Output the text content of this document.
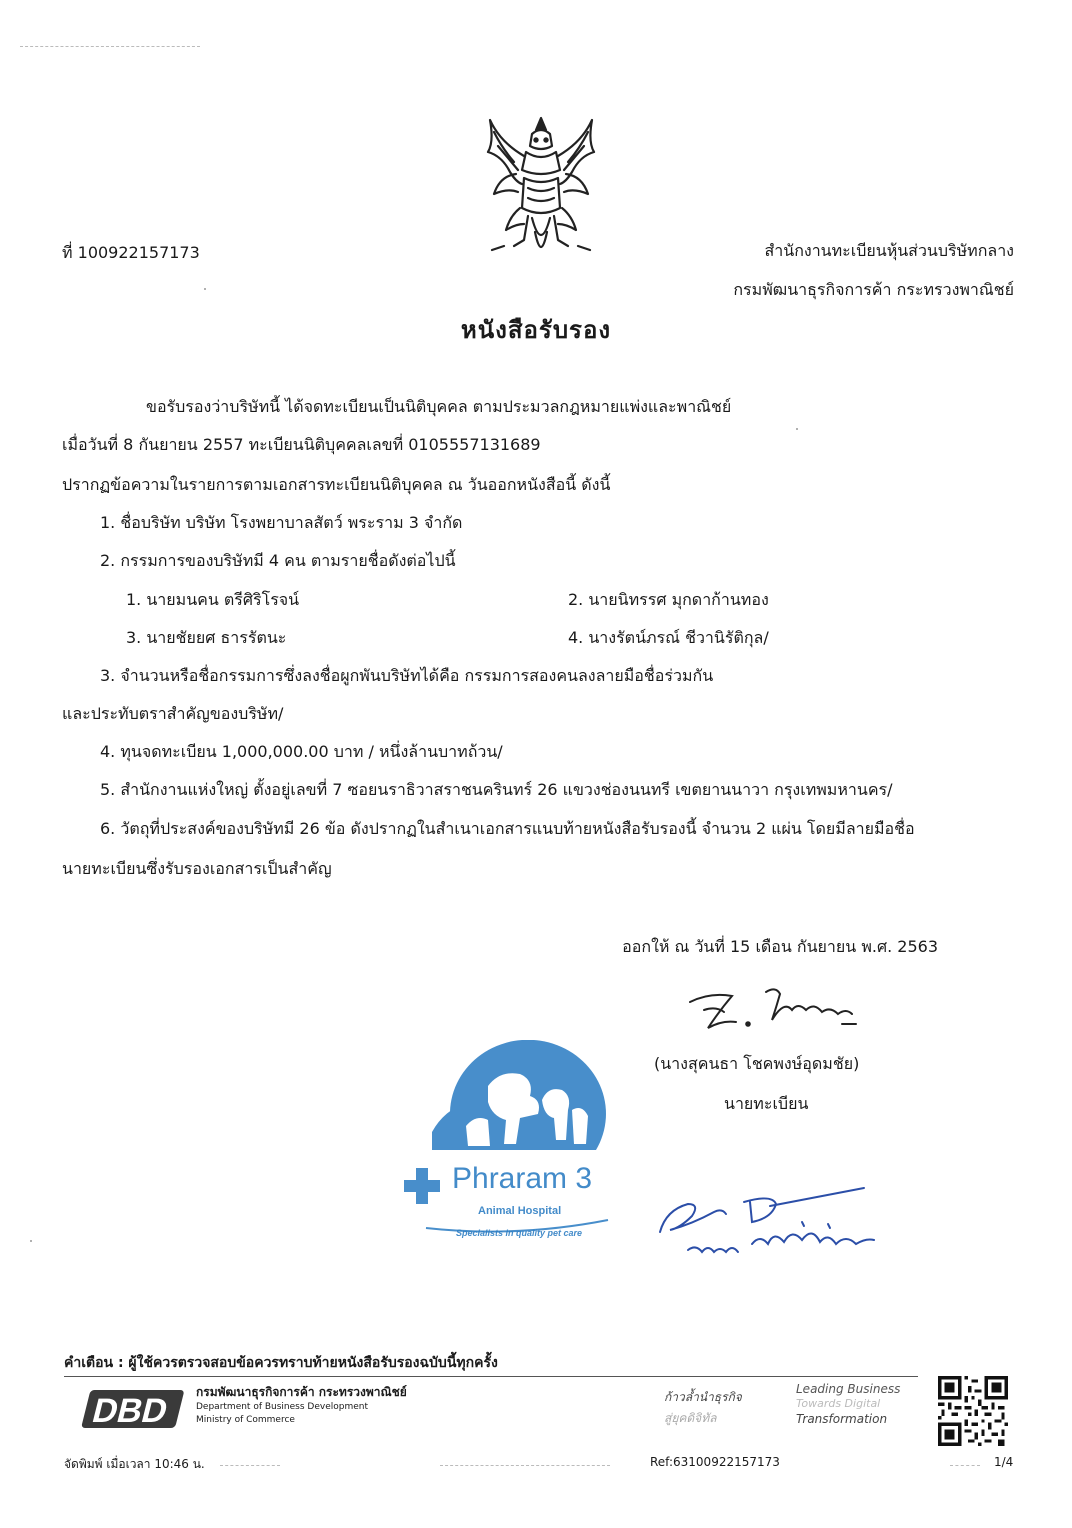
ที่ 100922157173	สำนักงานทะเบียนหุ้นส่วนบริษัทกลาง
กรมพัฒนาธุรกิจการค้า กระทรวงพาณิชย์
หนังสือรับรอง
ขอรับรองว่าบริษัทนี้ ได้จดทะเบียนเป็นนิติบุคคล ตามประมวลกฎหมายแพ่งและพาณิชย์
เมื่อวันที่ 8 กันยายน 2557 ทะเบียนนิติบุคคลเลขที่ 0105557131689
ปรากฏข้อความในรายการตามเอกสารทะเบียนนิติบุคคล ณ วันออกหนังสือนี้ ดังนี้
1. ชื่อบริษัท บริษัท โรงพยาบาลสัตว์ พระราม 3 จำกัด
2. กรรมการของบริษัทมี 4 คน ตามรายชื่อดังต่อไปนี้
1. นายมนคน ตรีศิริโรจน์	2. นายนิทรรศ มุกดาก้านทอง
3. นายชัยยศ ธารรัตนะ	4. นางรัตน์ภรณ์ ชีวานิรัติกุล/
3. จำนวนหรือชื่อกรรมการซึ่งลงชื่อผูกพันบริษัทได้คือ กรรมการสองคนลงลายมือชื่อร่วมกัน
และประทับตราสำคัญของบริษัท/
4. ทุนจดทะเบียน 1,000,000.00 บาท / หนึ่งล้านบาทถ้วน/
5. สำนักงานแห่งใหญ่ ตั้งอยู่เลขที่ 7 ซอยนราธิวาสราชนครินทร์ 26 แขวงช่องนนทรี เขตยานนาวา กรุงเทพมหานคร/
6. วัตถุที่ประสงค์ของบริษัทมี 26 ข้อ ดังปรากฏในสำเนาเอกสารแนบท้ายหนังสือรับรองนี้ จำนวน 2 แผ่น โดยมีลายมือชื่อ
นายทะเบียนซึ่งรับรองเอกสารเป็นสำคัญ
ออกให้ ณ วันที่ 15 เดือน กันยายน พ.ศ. 2563
(นางสุคนธา โชคพงษ์อุดมชัย)
นายทะเบียน
Phraram 3
Animal Hospital
Specialists in quality pet care
คำเตือน : ผู้ใช้ควรตรวจสอบข้อควรทราบท้ายหนังสือรับรองฉบับนี้ทุกครั้ง
DBD
กรมพัฒนาธุรกิจการค้า กระทรวงพาณิชย์
Department of Business Development
Ministry of Commerce
ก้าวล้ำนำธุรกิจ
สู่ยุคดิจิทัล
Leading Business
Towards Digital
Transformation
จัดพิมพ์ เมื่อเวลา 10:46 น.	Ref:63100922157173	1/4
